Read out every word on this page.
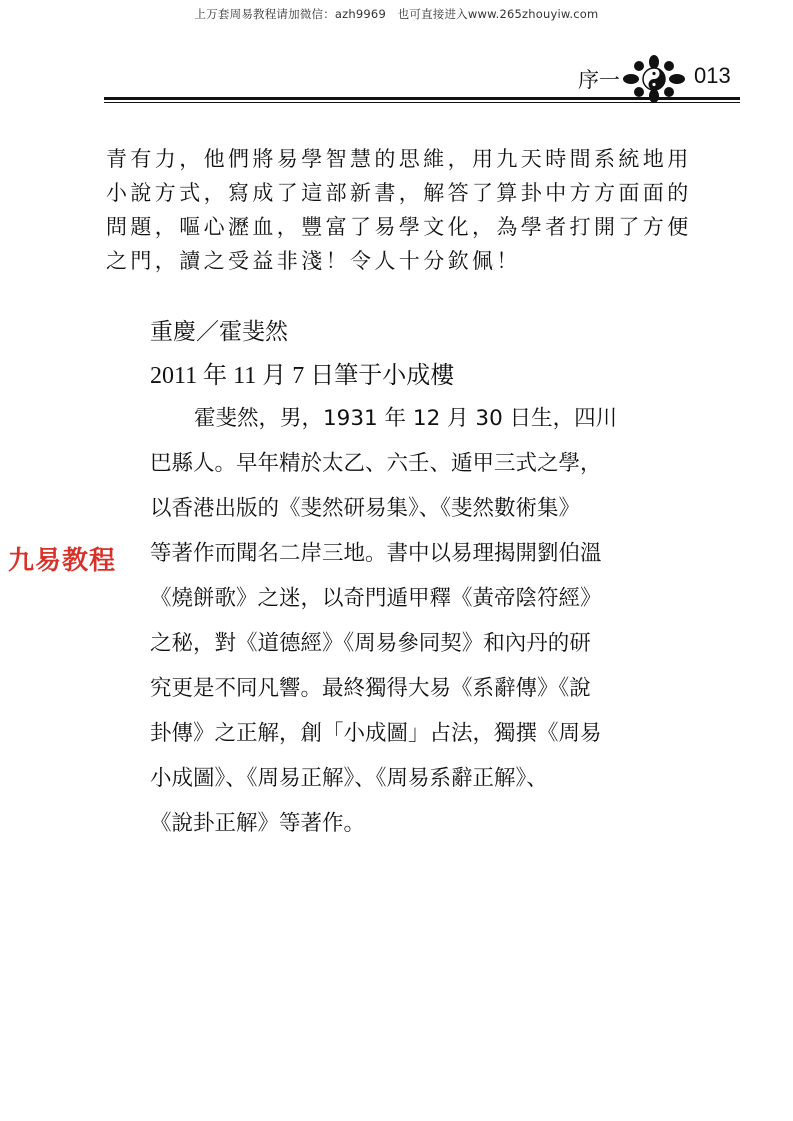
上万套周易教程请加微信：azh9969　也可直接进入www.265zhouyiw.com
序一	013
青有力，他們將易學智慧的思維，用九天時間系統地用
小說方式，寫成了這部新書，解答了算卦中方方面面的
問題，嘔心瀝血，豐富了易學文化，為學者打開了方便
之門，讀之受益非淺！令人十分欽佩！
重慶／霍斐然
2011 年 11 月 7 日筆于小成樓
霍斐然，男，1931 年 12 月 30 日生，四川
巴縣人。早年精於太乙、六壬、遁甲三式之學，
以香港出版的《斐然研易集》、《斐然數術集》
等著作而聞名二岸三地。書中以易理揭開劉伯溫
《燒餅歌》之迷，以奇門遁甲釋《黃帝陰符經》
之秘，對《道德經》《周易參同契》和內丹的研
究更是不同凡響。最終獨得大易《系辭傳》《說
卦傳》之正解，創「小成圖」占法，獨撰《周易
小成圖》、《周易正解》、《周易系辭正解》、
《說卦正解》等著作。
九易教程
